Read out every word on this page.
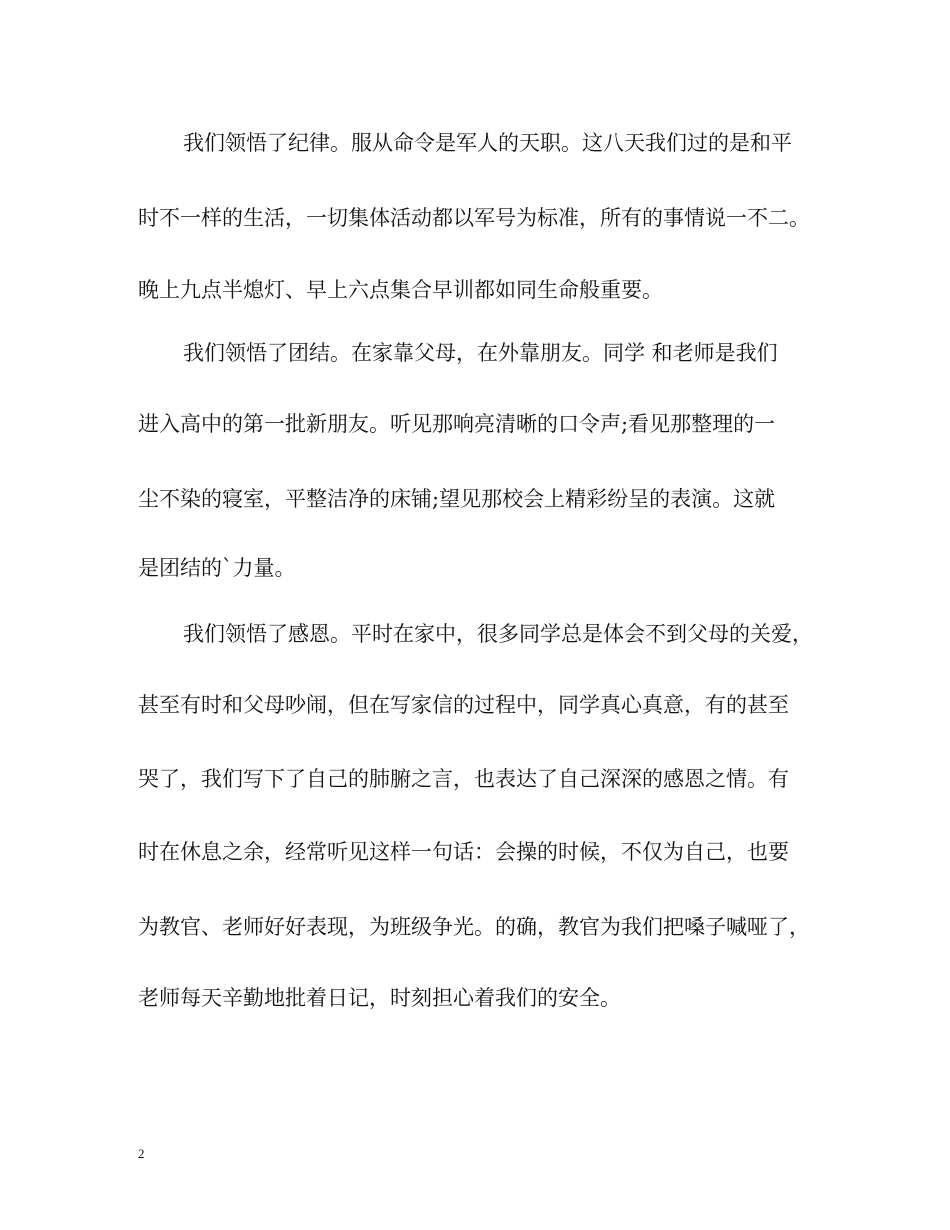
我们领悟了纪律。服从命令是军人的天职。这八天我们过的是和平
时不一样的生活，一切集体活动都以军号为标准，所有的事情说一不二。
晚上九点半熄灯、早上六点集合早训都如同生命般重要。
我们领悟了团结。在家靠父母，在外靠朋友。同学 和老师是我们
进入高中的第一批新朋友。听见那响亮清晰的口令声;看见那整理的一
尘不染的寝室，平整洁净的床铺;望见那校会上精彩纷呈的表演。这就
是团结的`力量。
我们领悟了感恩。平时在家中，很多同学总是体会不到父母的关爱，
甚至有时和父母吵闹，但在写家信的过程中，同学真心真意，有的甚至
哭了，我们写下了自己的肺腑之言，也表达了自己深深的感恩之情。有
时在休息之余，经常听见这样一句话：会操的时候，不仅为自己，也要
为教官、老师好好表现，为班级争光。的确，教官为我们把嗓子喊哑了，
老师每天辛勤地批着日记，时刻担心着我们的安全。
2
